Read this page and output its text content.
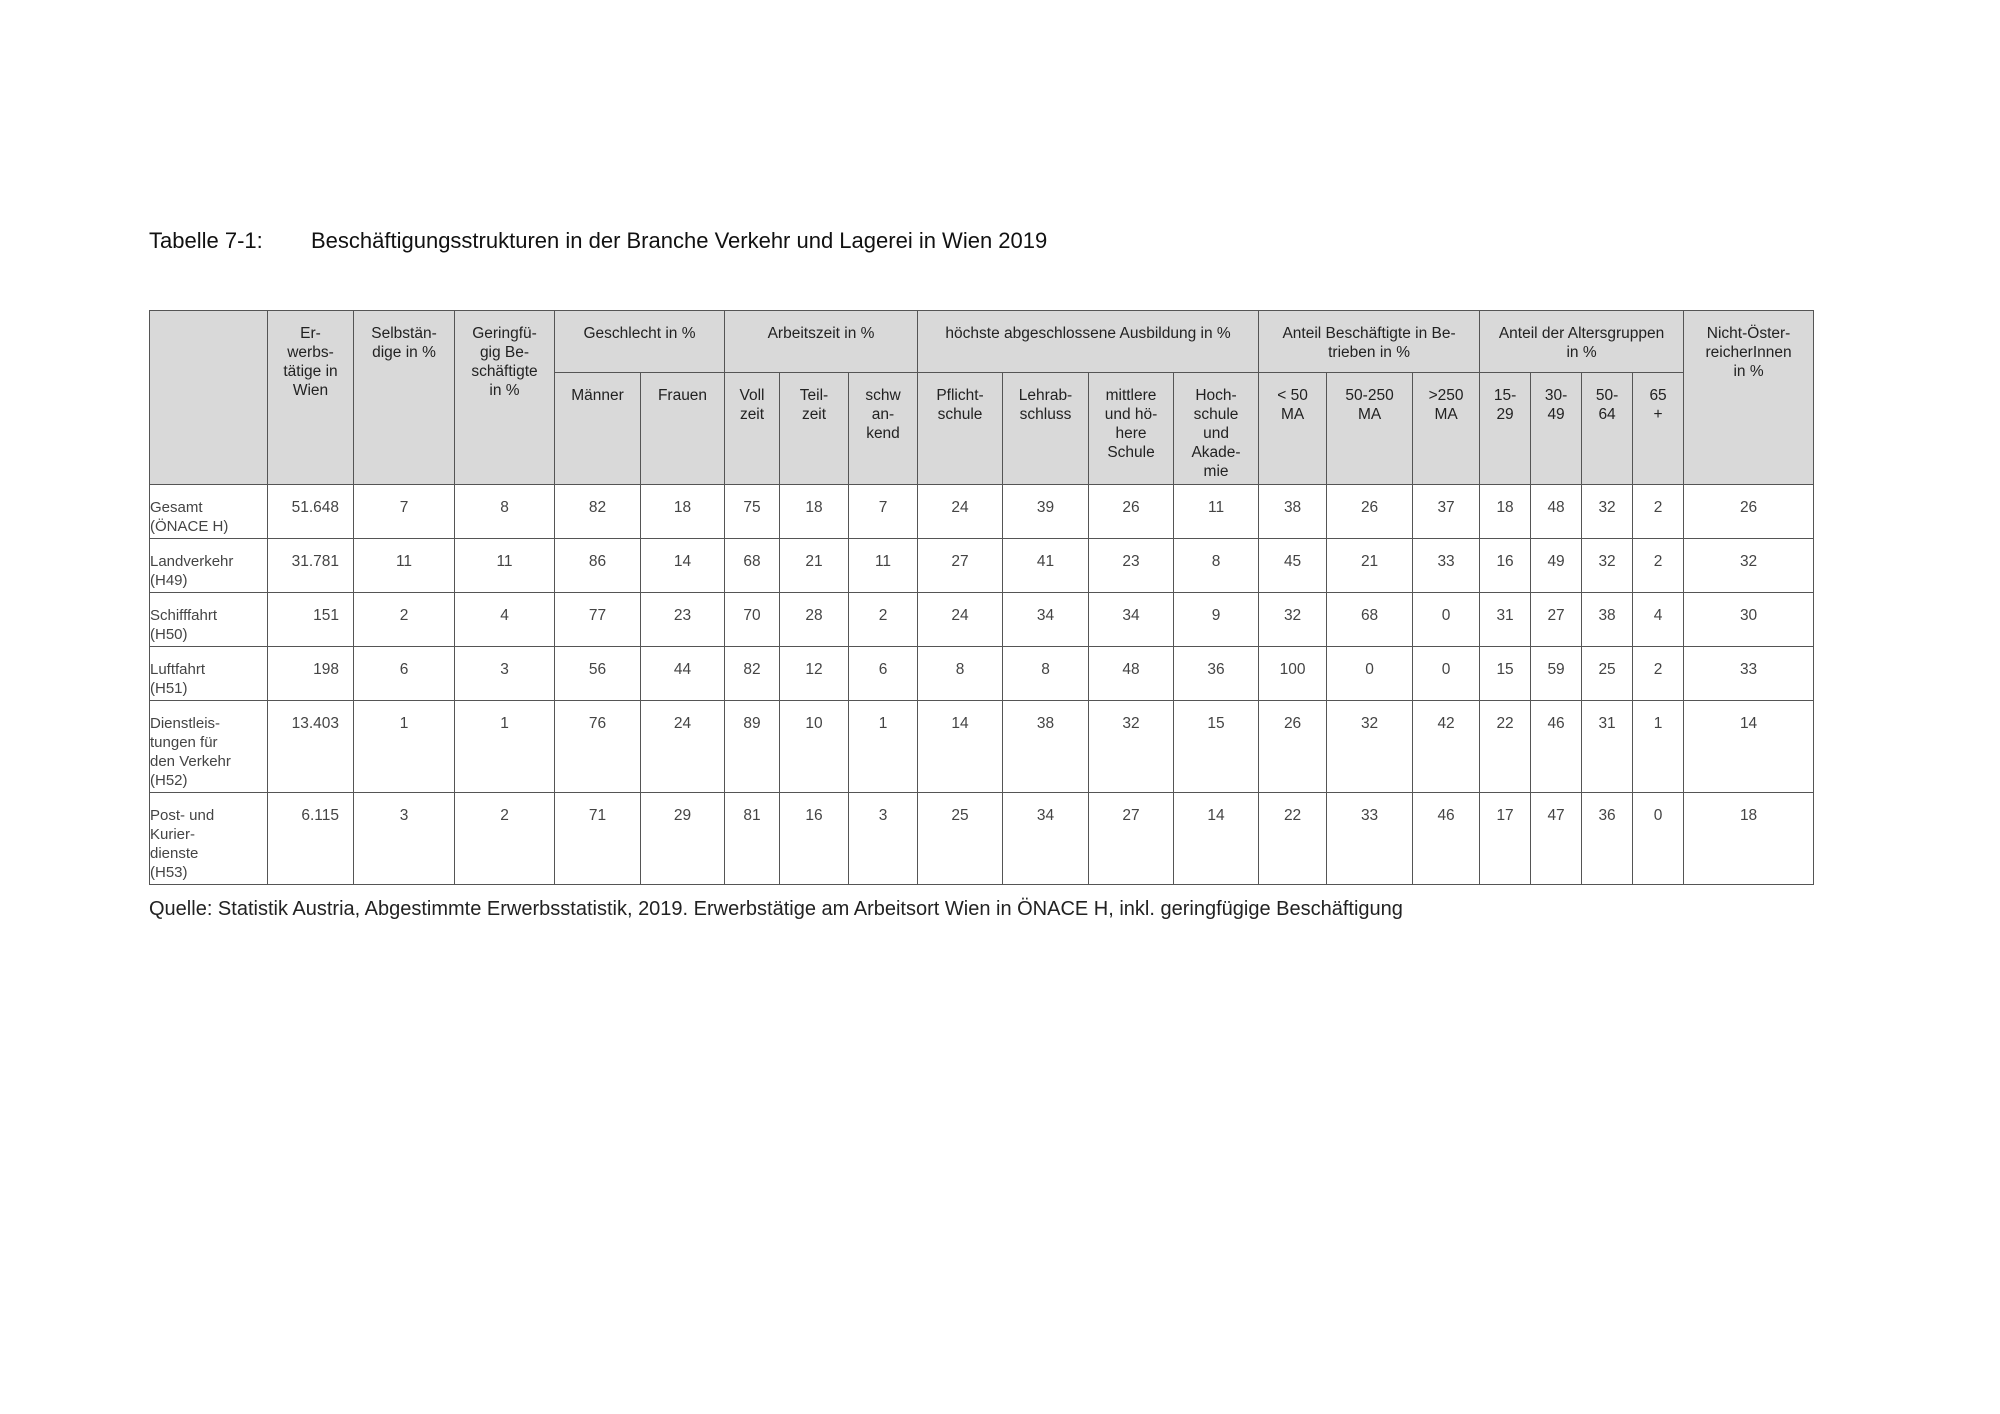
Tabelle 7-1: Beschäftigungsstrukturen in der Branche Verkehr und Lagerei in Wien 2019
	Er-
werbs-
tätige in
Wien	Selbstän-
dige in %	Geringfü-
gig Be-
schäftigte
in %	Geschlecht in %		Arbeitszeit in %			höchste abgeschlossene Ausbildung in %				Anteil Beschäftigte in Be-
trieben in %			Anteil der Altersgruppen
in %				Nicht-Öster-
reicherInnen
in %
				Männer	Frauen	Voll
zeit	Teil-
zeit	schw
an-
kend	Pflicht-
schule	Lehrab-
schluss	mittlere
und hö-
here
Schule	Hoch-
schule
und
Akade-
mie	< 50
MA	50-250
MA	>250
MA	15-
29	30-
49	50-
64	65
+	
Gesamt
(ÖNACE H)	51.648	7	8	82	18	75	18	7	24	39	26	11	38	26	37	18	48	32	2	26
Landverkehr
(H49)	31.781	11	11	86	14	68	21	11	27	41	23	8	45	21	33	16	49	32	2	32
Schifffahrt
(H50)	151	2	4	77	23	70	28	2	24	34	34	9	32	68	0	31	27	38	4	30
Luftfahrt
(H51)	198	6	3	56	44	82	12	6	8	8	48	36	100	0	0	15	59	25	2	33
Dienstleis-
tungen für
den Verkehr
(H52)	13.403	1	1	76	24	89	10	1	14	38	32	15	26	32	42	22	46	31	1	14
Post- und
Kurier-
dienste
(H53)	6.115	3	2	71	29	81	16	3	25	34	27	14	22	33	46	17	47	36	0	18
Quelle: Statistik Austria, Abgestimmte Erwerbsstatistik, 2019. Erwerbstätige am Arbeitsort Wien in ÖNACE H, inkl. geringfügige Beschäftigung
